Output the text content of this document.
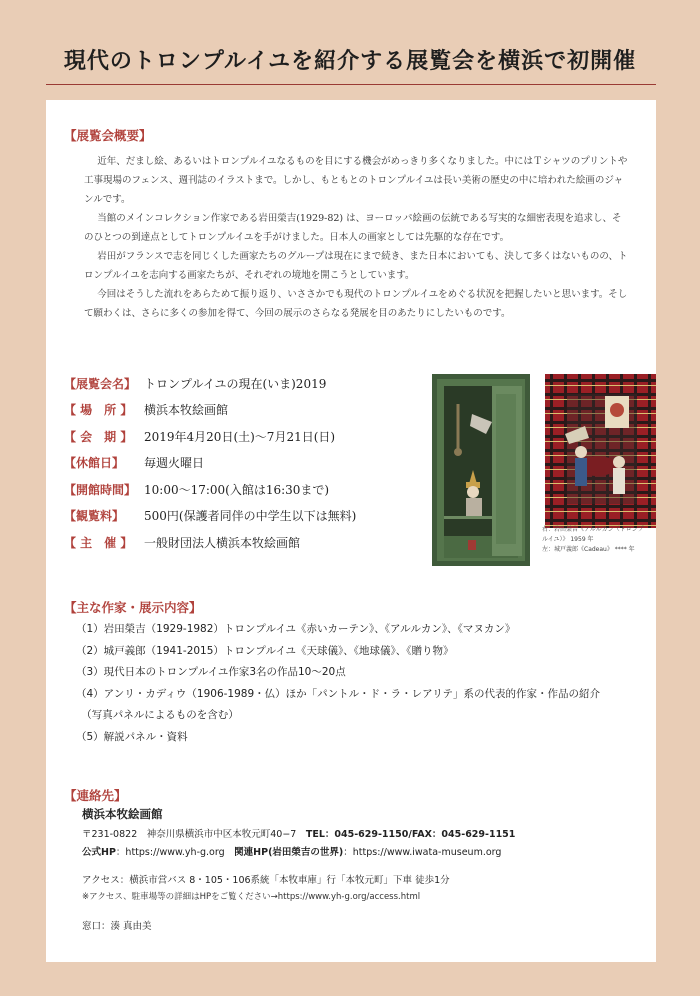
現代のトロンプルイユを紹介する展覧会を横浜で初開催
【展覧会概要】

近年、だまし絵、あるいはトロンプルイユなるものを目にする機会がめっきり多くなりました。中にはＴシャツのプリントや工事現場のフェンス、週刊誌のイラストまで。しかし、もともとのトロンプルイユは長い美術の歴史の中に培われた絵画のジャンルです。

当館のメインコレクション作家である岩田榮吉(1929-82) は、ヨーロッパ絵画の伝統である写実的な細密表現を追求し、そのひとつの到達点としてトロンプルイユを手がけました。日本人の画家としては先駆的な存在です。

岩田がフランスで志を同じくした画家たちのグループは現在にまで続き、また日本においても、決して多くはないものの、トロンプルイユを志向する画家たちが、それぞれの境地を開こうとしています。

今回はそうした流れをあらためて振り返り、いささかでも現代のトロンプルイユをめぐる状況を把握したいと思います。そして願わくは、さらに多くの参加を得て、今回の展示のさらなる発展を目のあたりにしたいものです。

【展覧会名】 トロンプルイユの現在(いま)2019
【 場　所 】 横浜本牧絵画館
【 会　期 】 2019年4月20日(土)～7月21日(日)
【休館日】	毎週火曜日
【開館時間】 10:00～17:00(入館は16:30まで)
【観覧料】	500円(保護者同伴の中学生以下は無料)
【 主　催 】 一般財団法人横浜本牧絵画館
右：岩田榮吉《アルルカン（トロンプ
ルイユ）》 1959 年
左：城戸義郎《Cadeau》 **** 年
【主な作家・展示内容】
（1）岩田榮吉（1929-1982）トロンプルイユ《赤いカーテン》、《アルルカン》、《マヌカン》
（2）城戸義郎（1941-2015）トロンプルイユ《天球儀》、《地球儀》、《贈り物》
（3）現代日本のトロンプルイユ作家3名の作品10～20点
（4）アンリ・カディウ（1906-1989・仏）ほか「パントル・ド・ラ・レアリテ」系の代表的作家・作品の紹介
　（写真パネルによるものを含む）
（5）解説パネル・資料
【連絡先】
横浜本牧絵画館
〒231-0822　神奈川県横浜市中区本牧元町40−7　 TEL：045-629-1150/FAX：045-629-1151
公式HP：https://www.yh-g.org　 関連HP(岩田榮吉の世界)：https://www.iwata-museum.org
アクセス：横浜市営バス 8・105・106系統「本牧車庫」行「本牧元町」下車 徒歩1分
※アクセス、駐車場等の詳細はHPをご覧ください→https://www.yh-g.org/access.html
窓口：湊 真由美
